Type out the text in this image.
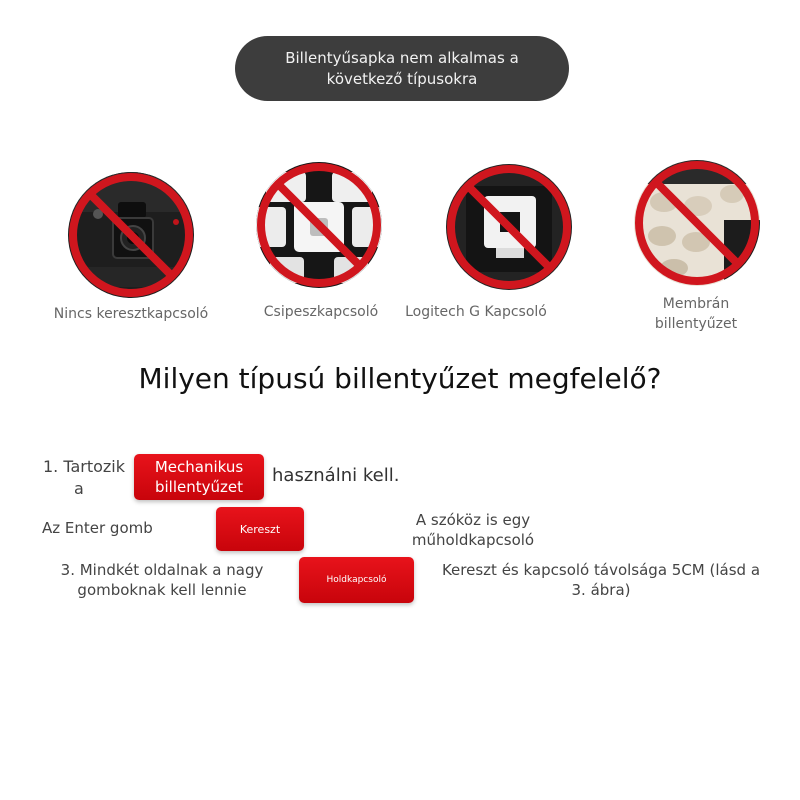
Billentyűsapka nem alkalmas a
következő típusokra
Nincs keresztkapcsoló	Csipeszkapcsoló	Logitech G Kapcsoló	Membrán
billentyűzet
Milyen típusú billentyűzet megfelelő?
1. Tartozik
a
Mechanikus
billentyűzet
használni kell.
Az Enter gomb	Kereszt	A szóköz is egy
műholdkapcsoló
3. Mindkét oldalnak a nagy
gomboknak kell lennie
Holdkapcsoló
Kereszt és kapcsoló távolsága 5CM (lásd a
3. ábra)
